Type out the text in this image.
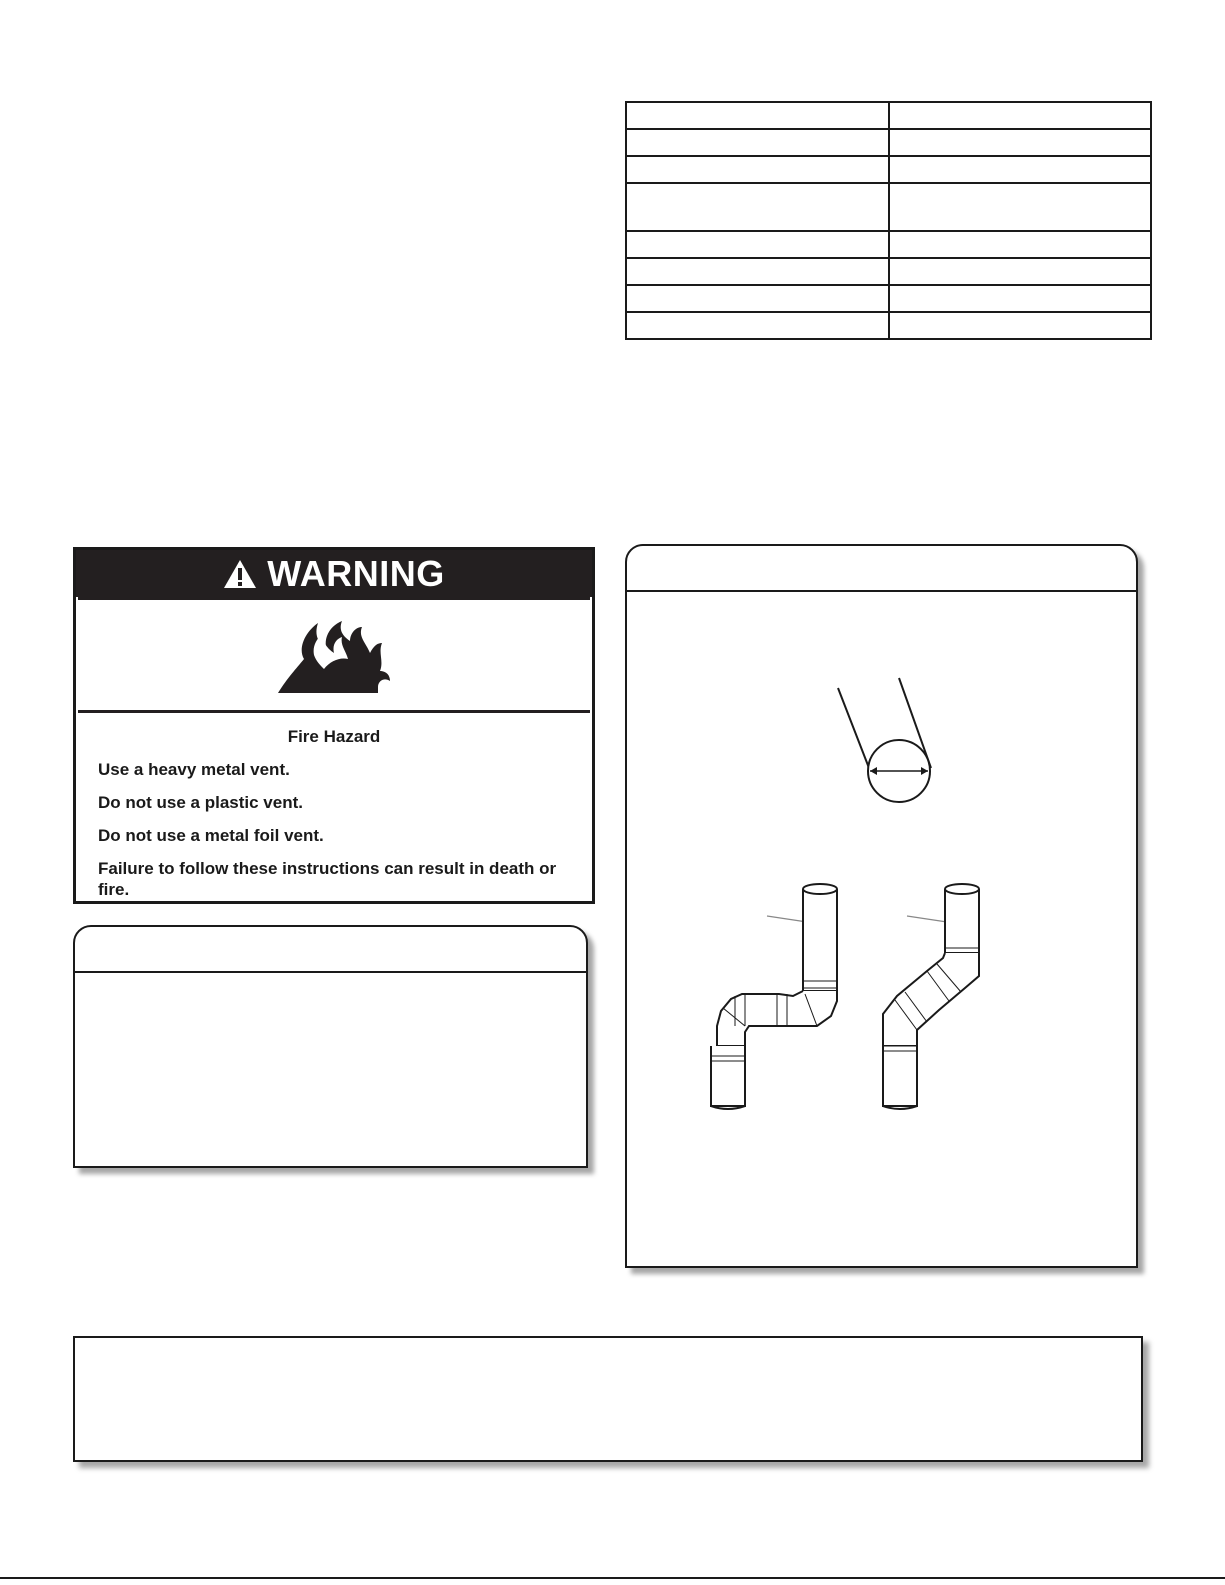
WARNING
Fire Hazard
Use a heavy metal vent.
Do not use a plastic vent.
Do not use a metal foil vent.
Failure to follow these instructions can result in death or fire.
